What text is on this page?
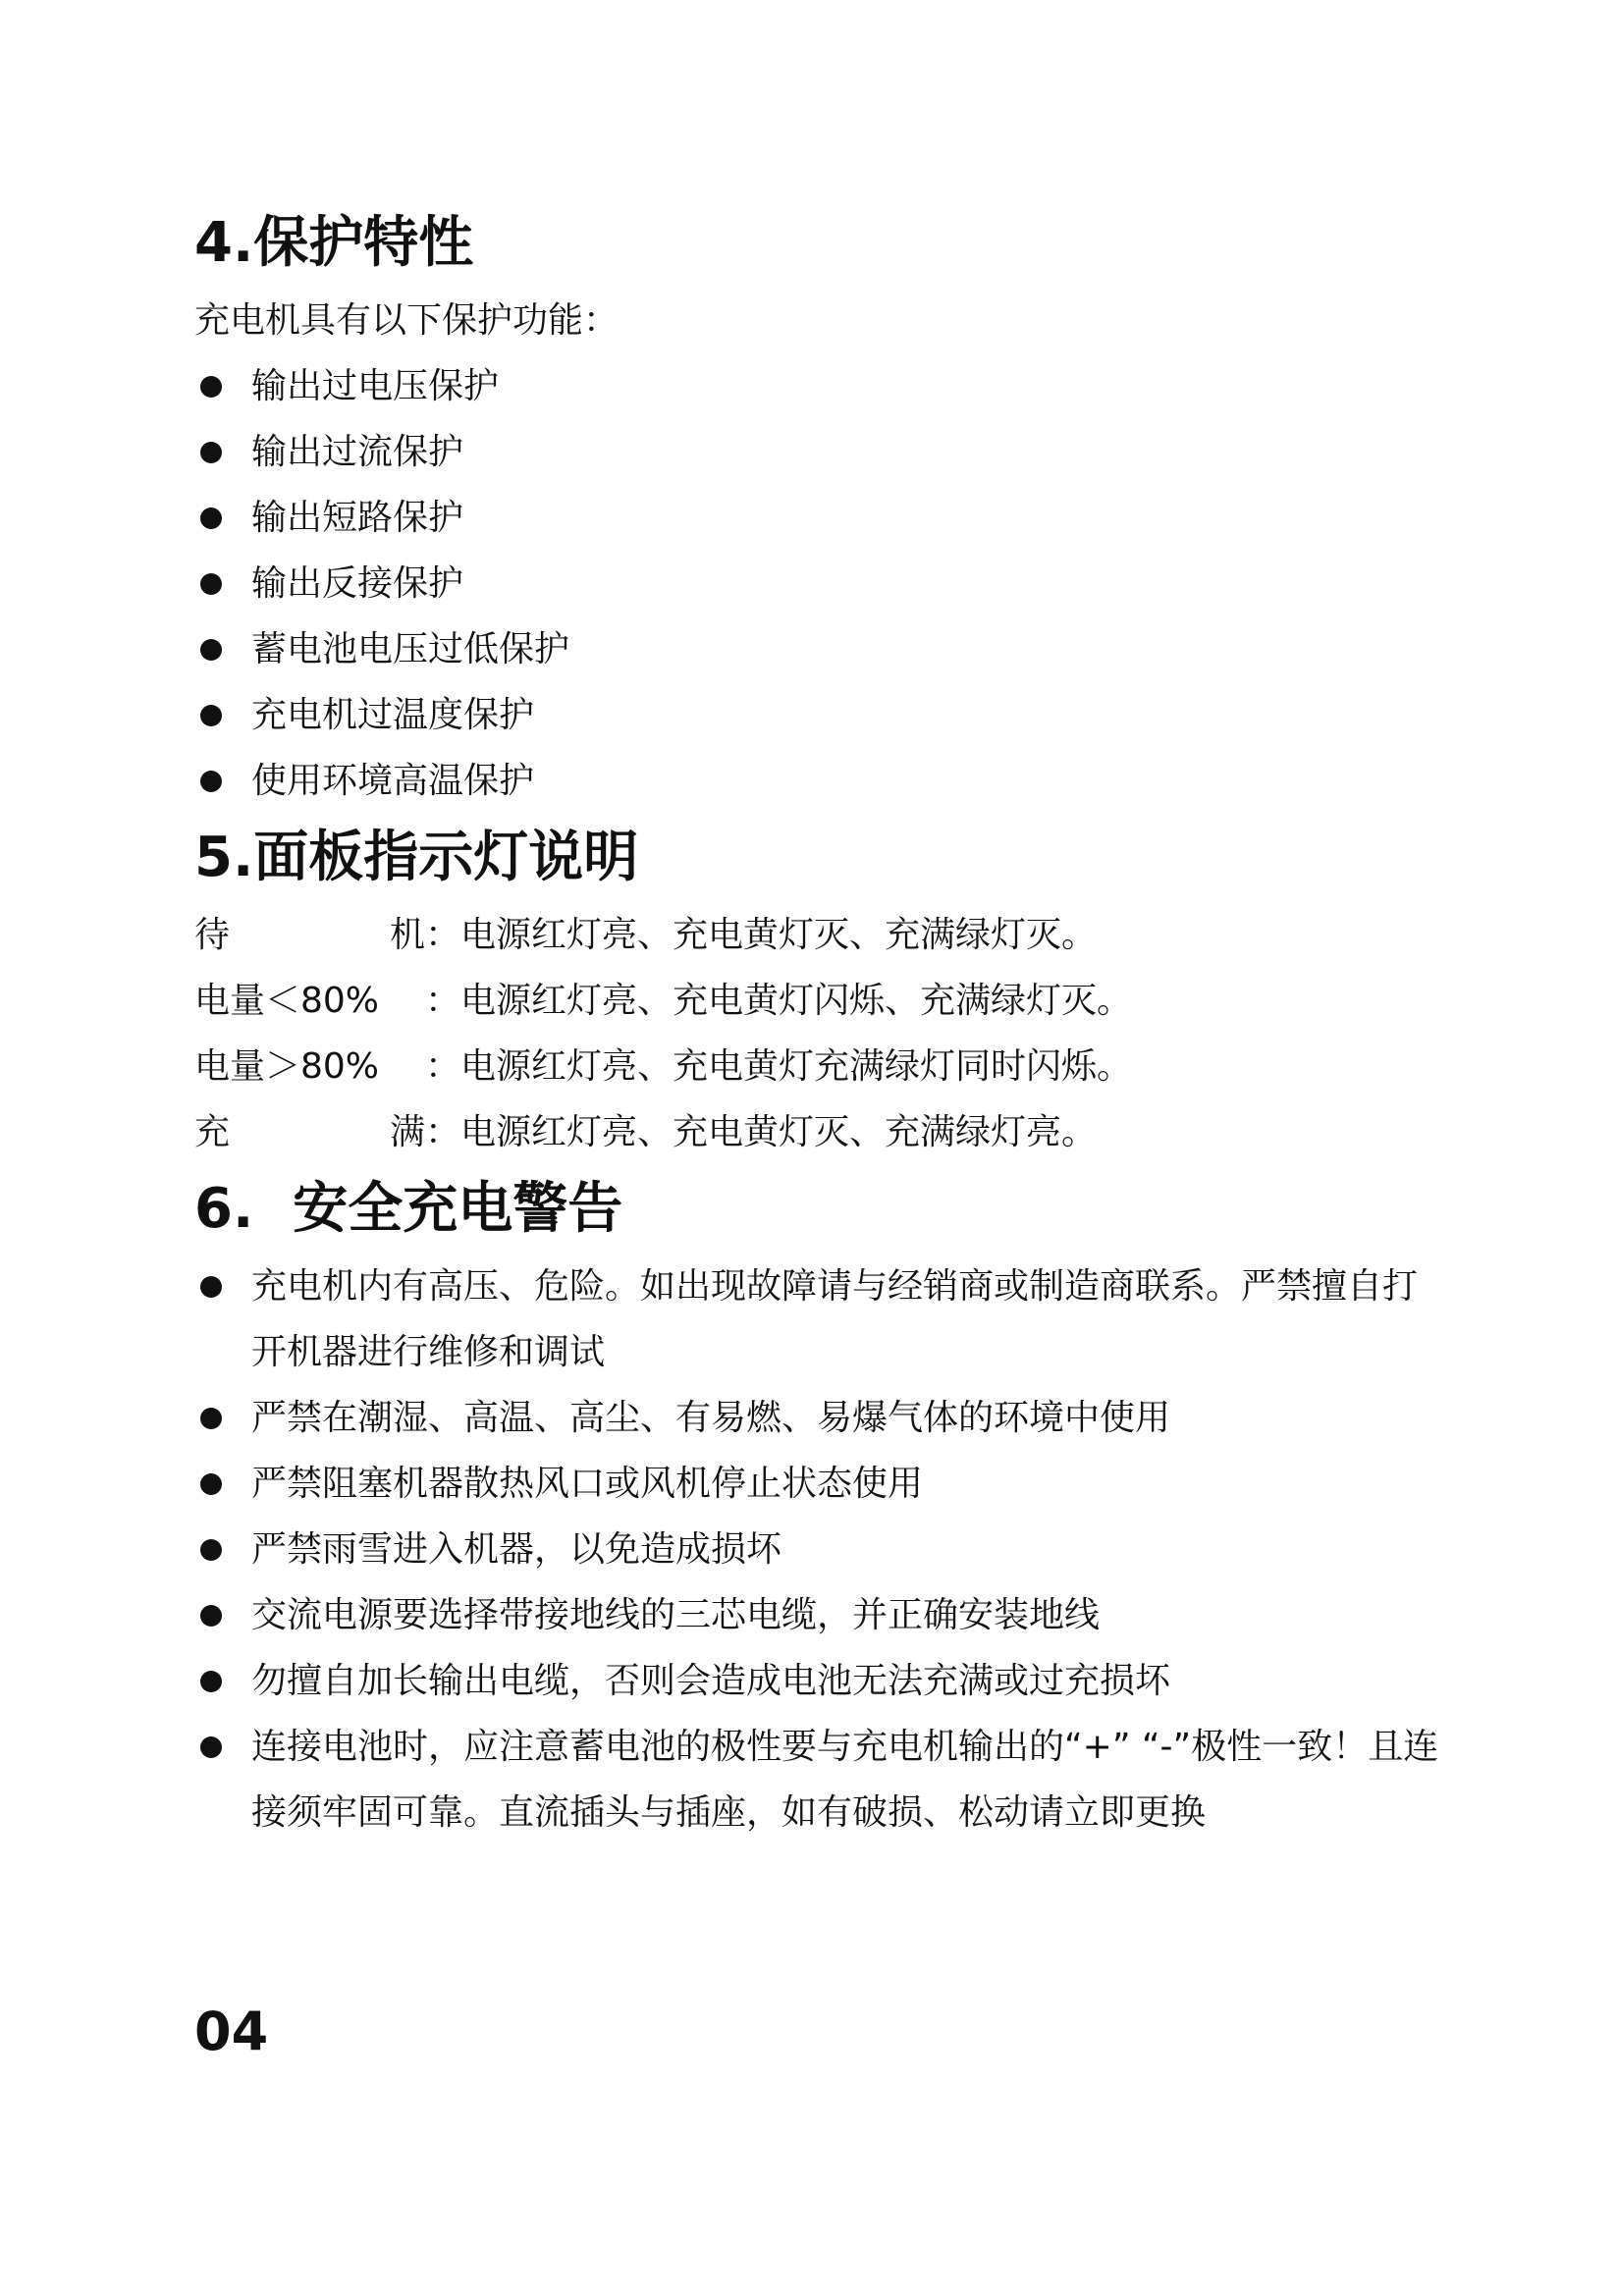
4.保护特性

充电机具有以下保护功能：

输出过电压保护
输出过流保护
输出短路保护
输出反接保护
蓄电池电压过低保护
充电机过温度保护
使用环境高温保护
5.面板指示灯说明
待	机 ：电源红灯亮、充电黄灯灭、充满绿灯灭。
电量＜80%	：电源红灯亮、充电黄灯闪烁、充满绿灯灭。
电量＞80%	：电源红灯亮、充电黄灯充满绿灯同时闪烁。
充	满 ：电源红灯亮、充电黄灯灭、充满绿灯亮。
6. 安全充电警告
充电机内有高压、危险。如出现故障请与经销商或制造商联系。严禁擅自打开机器进行维修和调试
严禁在潮湿、高温、高尘、有易燃、易爆气体的环境中使用
严禁阻塞机器散热风口或风机停止状态使用
严禁雨雪进入机器，以免造成损坏
交流电源要选择带接地线的三芯电缆，并正确安装地线
勿擅自加长输出电缆，否则会造成电池无法充满或过充损坏
连接电池时，应注意蓄电池的极性要与充电机输出的“+” “-”极性一致！且连接须牢固可靠。直流插头与插座，如有破损、松动请立即更换
04
